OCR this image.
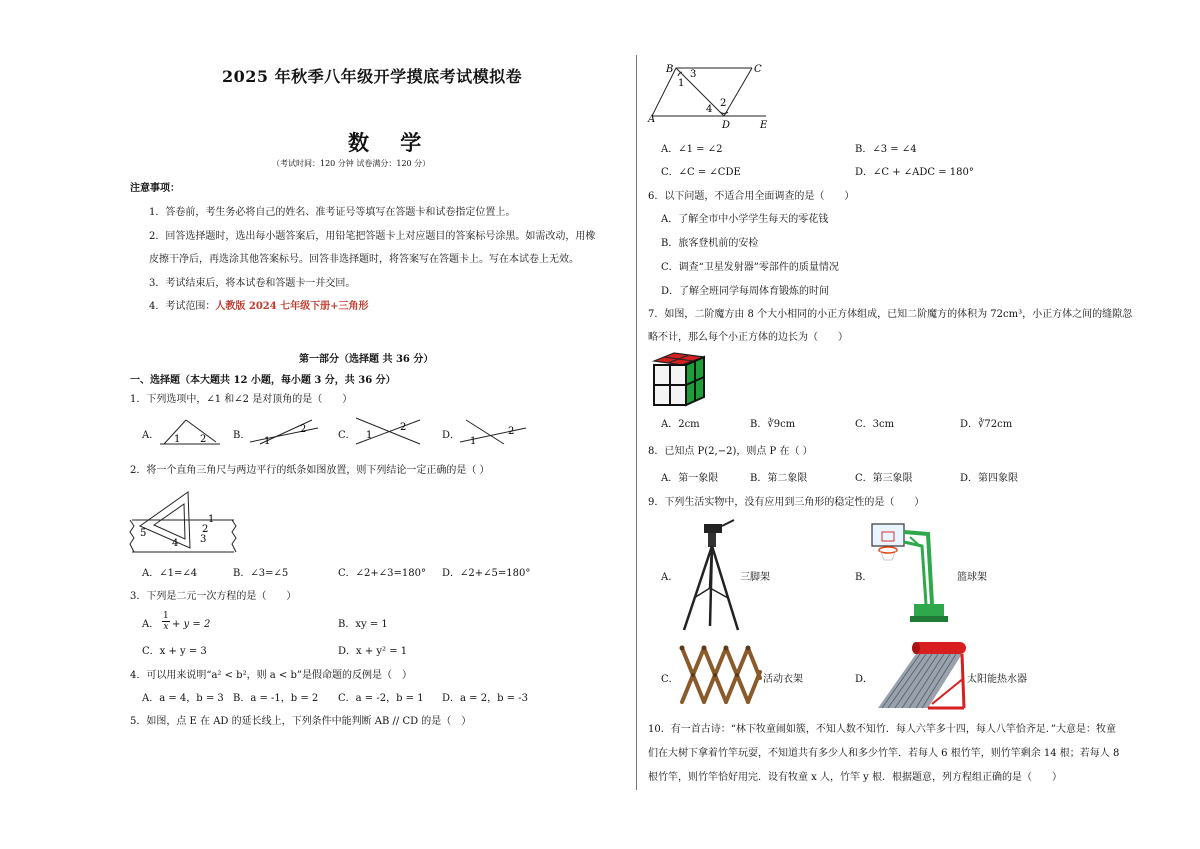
2025 年秋季八年级开学摸底考试模拟卷
数 学
（考试时间：120 分钟 试卷满分：120 分）
注意事项：
1．答卷前，考生务必将自己的姓名、准考证号等填写在答题卡和试卷指定位置上。
2．回答选择题时，选出每小题答案后，用铅笔把答题卡上对应题目的答案标号涂黑。如需改动，用橡
皮擦干净后，再选涂其他答案标号。回答非选择题时，将答案写在答题卡上。写在本试卷上无效。
3．考试结束后，将本试卷和答题卡一并交回。
4．考试范围：人教版 2024 七年级下册+三角形
第一部分（选择题 共 36 分）
一、选择题（本大题共 12 小题，每小题 3 分，共 36 分）
1．下列选项中，∠1 和∠2 是对顶角的是（　　）
A．	B．	C．	D．
1 2	1
2
1
2
1
2
2．将一个直角三角尺与两边平行的纸条如图放置，则下列结论一定正确的是（ ）
1
2
3
4
5
A．∠1=∠4	B．∠3=∠5	C．∠2+∠3=180° D．∠2+∠5=180°
3．下列是二元一次方程的是（　　）
A． $\frac{1}{x} + y = 2$	B．xy = 1
C．x + y = 3	D．x + y² = 1
4．可以用来说明“a² < b²，则 a < b”是假命题的反例是（　）
A．a = 4，b = 3 B．a = -1，b = 2 C．a = -2，b = 1 D．a = 2，b = -3
5．如图，点 E 在 AD 的延长线上，下列条件中能判断 AB // CD 的是（　）
B	C
A
D	E
1
2
3
4
A．∠1 = ∠2	B．∠3 = ∠4
C．∠C = ∠CDE	D．∠C + ∠ADC = 180°
6．以下问题，不适合用全面调查的是（　　）
A．了解全市中小学学生每天的零花钱
B．旅客登机前的安检
C．调查“卫星发射器”零部件的质量情况
D．了解全班同学每周体育锻炼的时间
7．如图，二阶魔方由 8 个大小相同的小正方体组成，已知二阶魔方的体积为 72cm³，小正方体之间的缝隙忽
略不计，那么每个小正方体的边长为（　　）
A．2cm	B．∛9cm	C．3cm	D．∛72cm
8．已知点 P(2,−2)，则点 P 在（ ）
A．第一象限	B．第二象限	C．第三象限	D．第四象限
9．下列生活实物中，没有应用到三角形的稳定性的是（　　）
A．	B．
C．	D．
三脚架	篮球架
活动衣架	太阳能热水器
10．有一首古诗：“林下牧童闹如簇，不知人数不知竹．每人六竿多十四，每人八竿恰齐足．”大意是：牧童
们在大树下拿着竹竿玩耍，不知道共有多少人和多少竹竿．若每人 6 根竹竿，则竹竿剩余 14 根；若每人 8
根竹竿，则竹竿恰好用完．设有牧童 x 人，竹竿 y 根．根据题意，列方程组正确的是（　　）
